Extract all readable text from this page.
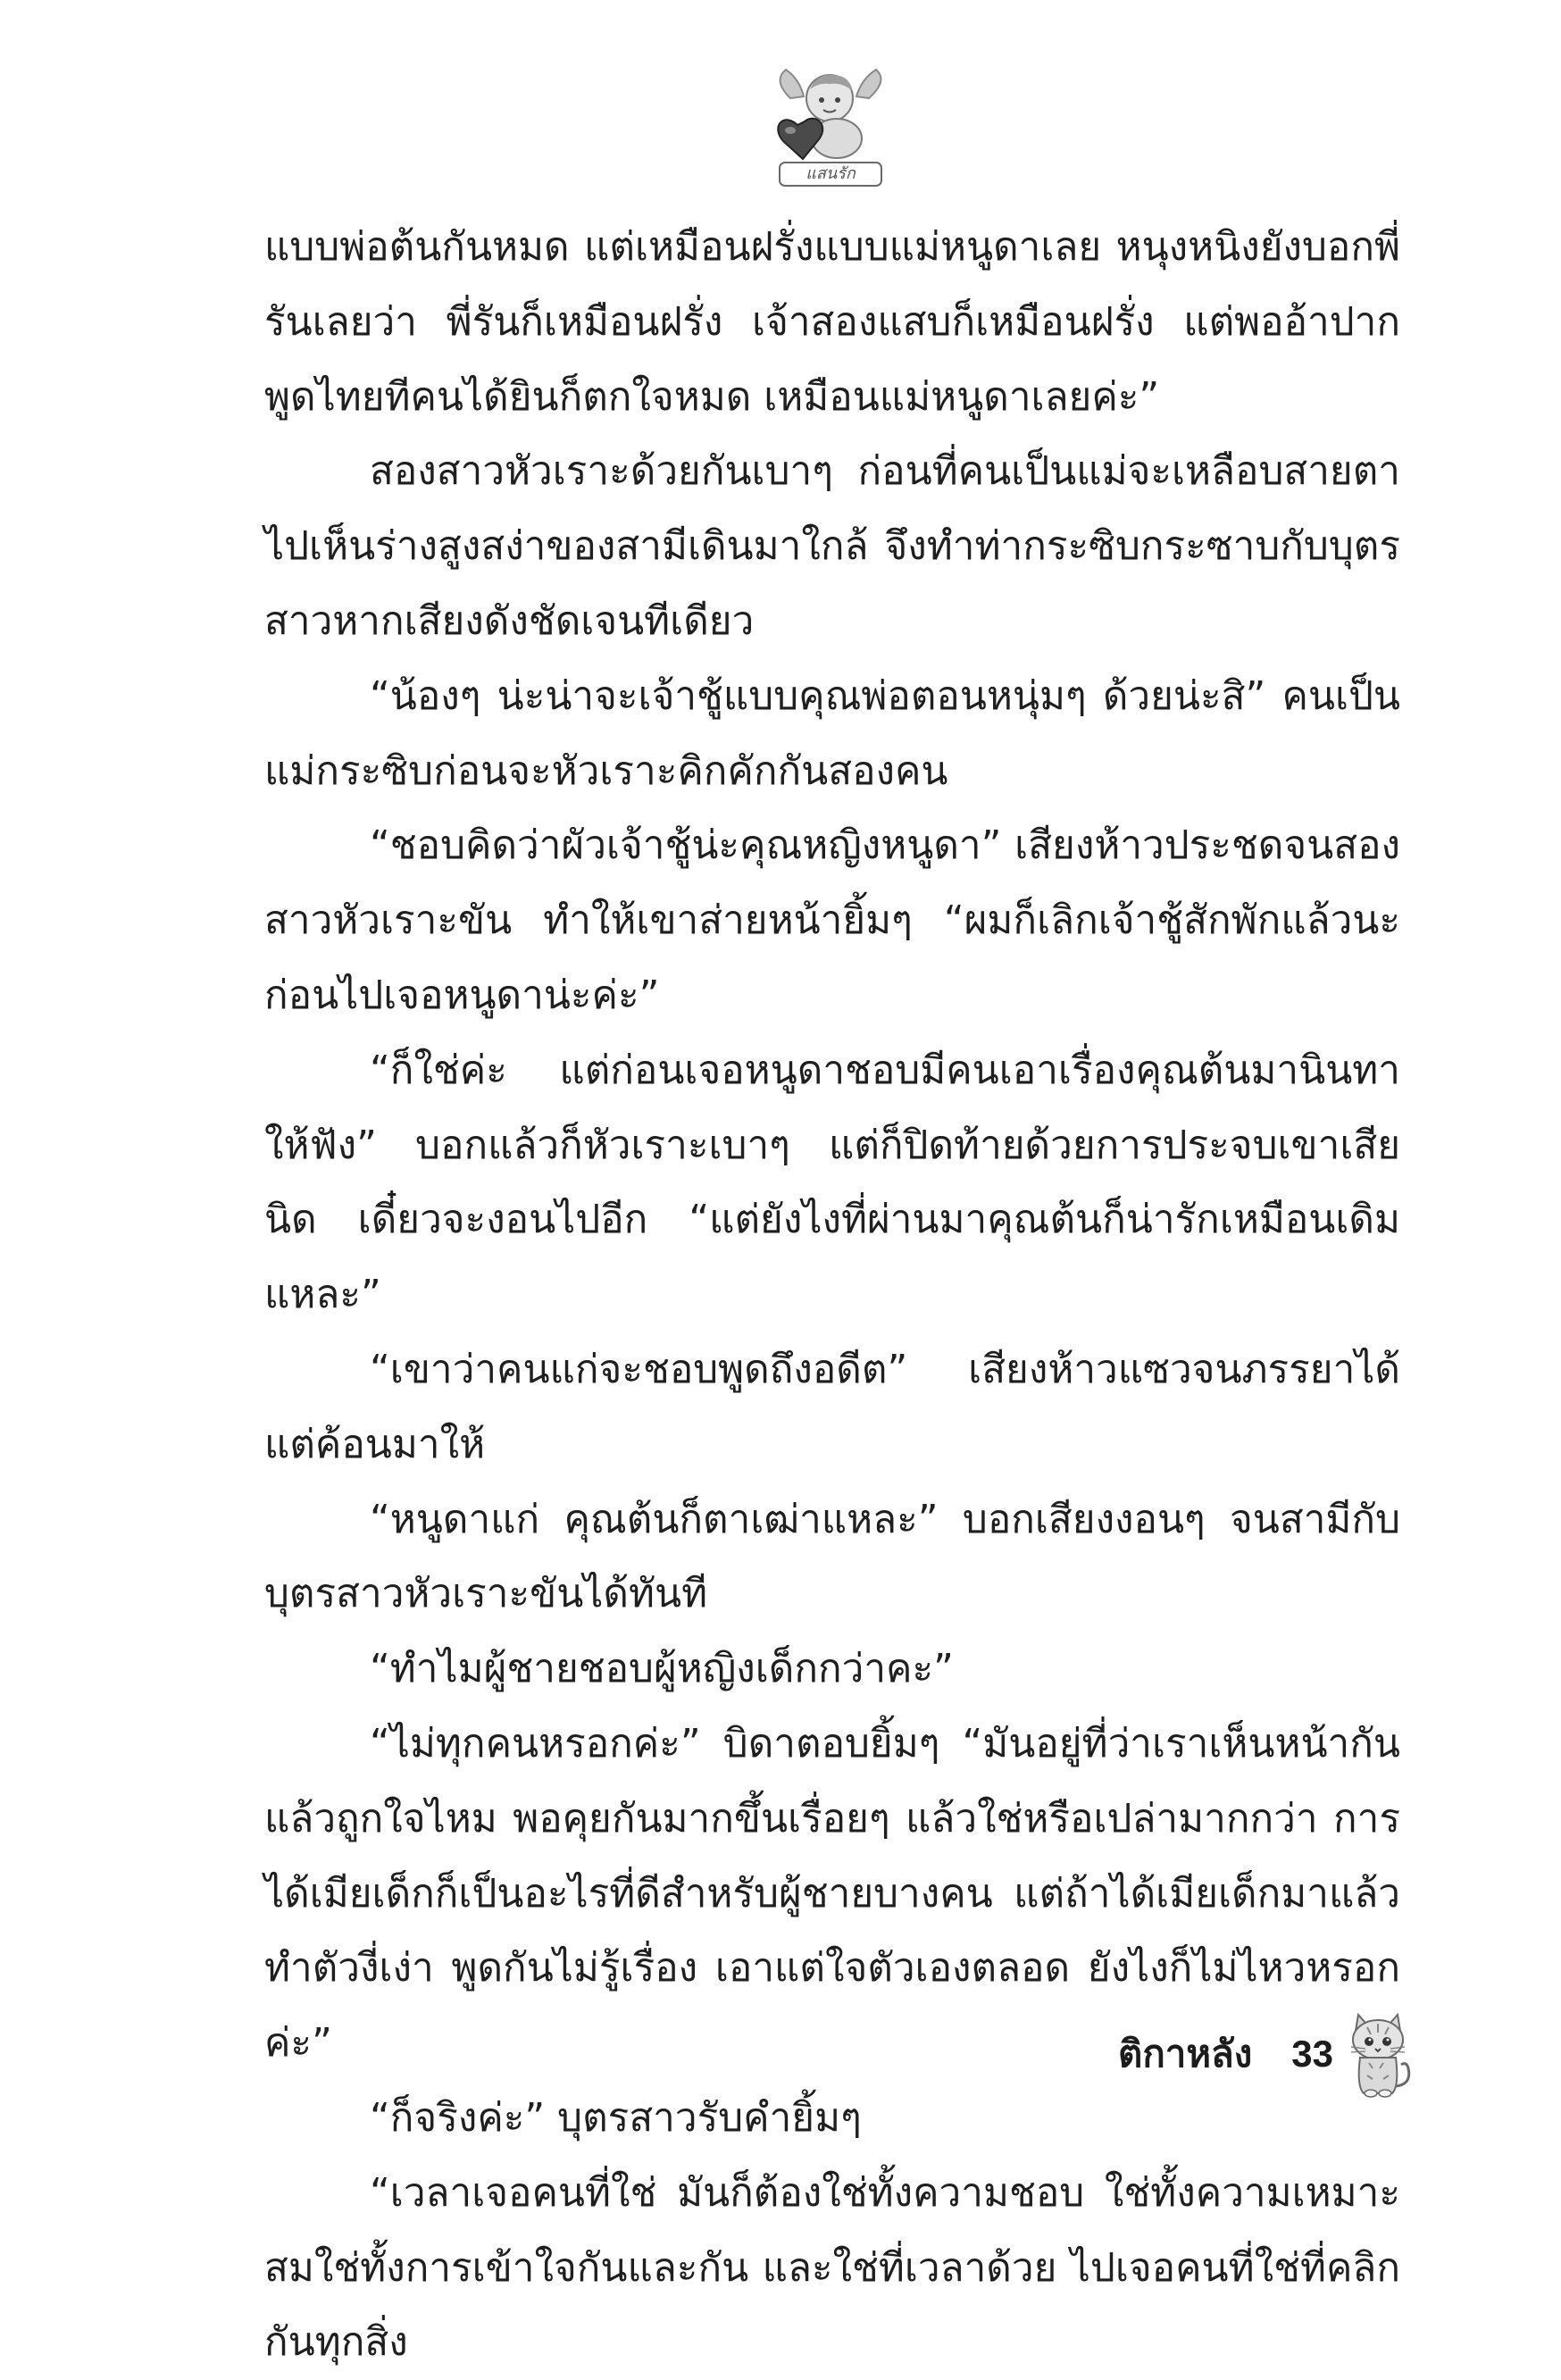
แสนรัก

แบบพ่อต้นกันหมด แต่เหมือนฝรั่งแบบแม่หนูดาเลย หนุงหนิงยังบอกพี่รันเลยว่า พี่รันก็เหมือนฝรั่ง เจ้าสองแสบก็เหมือนฝรั่ง แต่พออ้าปากพูดไทยทีคนได้ยินก็ตกใจหมด เหมือนแม่หนูดาเลยค่ะ”

สองสาวหัวเราะด้วยกันเบาๆ ก่อนที่คนเป็นแม่จะเหลือบสายตาไปเห็นร่างสูงสง่าของสามีเดินมาใกล้ จึงทำท่ากระซิบกระซาบกับบุตรสาวหากเสียงดังชัดเจนทีเดียว

“น้องๆ น่ะน่าจะเจ้าชู้แบบคุณพ่อตอนหนุ่มๆ ด้วยน่ะสิ” คนเป็นแม่กระซิบก่อนจะหัวเราะคิกคักกันสองคน

“ชอบคิดว่าผัวเจ้าชู้น่ะคุณหญิงหนูดา” เสียงห้าวประชดจนสองสาวหัวเราะขัน ทำให้เขาส่ายหน้ายิ้มๆ “ผมก็เลิกเจ้าชู้สักพักแล้วนะ ก่อนไปเจอหนูดาน่ะค่ะ”

“ก็ใช่ค่ะ แต่ก่อนเจอหนูดาชอบมีคนเอาเรื่องคุณต้นมานินทาให้ฟัง” บอกแล้วก็หัวเราะเบาๆ แต่ก็ปิดท้ายด้วยการประจบเขาเสียนิด เดี๋ยวจะงอนไปอีก “แต่ยังไงที่ผ่านมาคุณต้นก็น่ารักเหมือนเดิมแหละ”

“เขาว่าคนแก่จะชอบพูดถึงอดีต” เสียงห้าวแซวจนภรรยาได้แต่ค้อนมาให้

“หนูดาแก่ คุณต้นก็ตาเฒ่าแหละ” บอกเสียงงอนๆ จนสามีกับบุตรสาวหัวเราะขันได้ทันที

“ทำไมผู้ชายชอบผู้หญิงเด็กกว่าคะ”

“ไม่ทุกคนหรอกค่ะ” บิดาตอบยิ้มๆ “มันอยู่ที่ว่าเราเห็นหน้ากันแล้วถูกใจไหม พอคุยกันมากขึ้นเรื่อยๆ แล้วใช่หรือเปล่ามากกว่า การได้เมียเด็กก็เป็นอะไรที่ดีสำหรับผู้ชายบางคน แต่ถ้าได้เมียเด็กมาแล้ว ทำตัวงี่เง่า พูดกันไม่รู้เรื่อง เอาแต่ใจตัวเองตลอด ยังไงก็ไม่ไหวหรอกค่ะ”

“ก็จริงค่ะ” บุตรสาวรับคำยิ้มๆ

“เวลาเจอคนที่ใช่ มันก็ต้องใช่ทั้งความชอบ ใช่ทั้งความเหมาะสมใช่ทั้งการเข้าใจกันและกัน และใช่ที่เวลาด้วย ไปเจอคนที่ใช่ที่คลิกกันทุกสิ่ง

ติกาหลัง 33
